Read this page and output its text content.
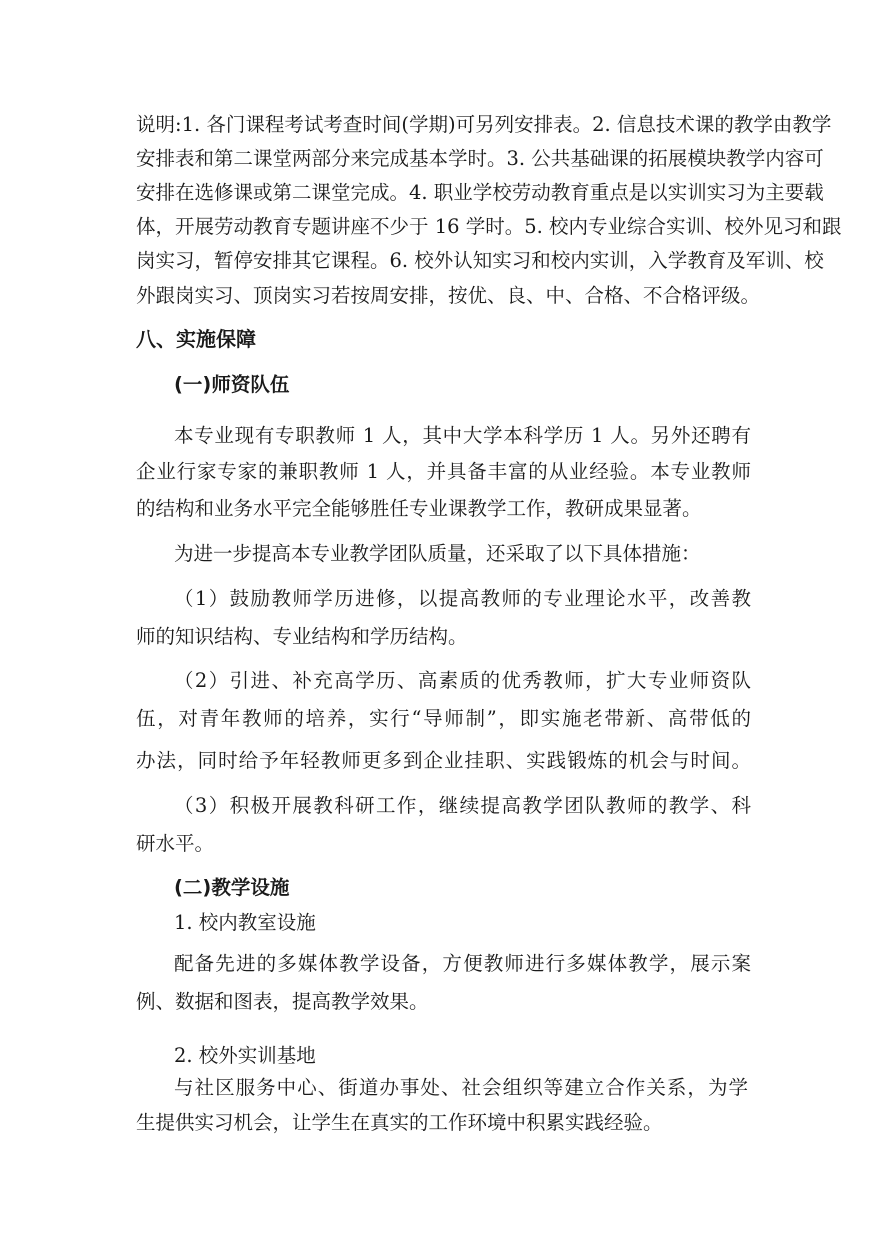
说明:1. 各门课程考试考查时间(学期)可另列安排表。2. 信息技术课的教学由教学
安排表和第二课堂两部分来完成基本学时。3. 公共基础课的拓展模块教学内容可
安排在选修课或第二课堂完成。4. 职业学校劳动教育重点是以实训实习为主要载
体，开展劳动教育专题讲座不少于 16 学时。5. 校内专业综合实训、校外见习和跟
岗实习，暂停安排其它课程。6. 校外认知实习和校内实训，入学教育及军训、校
外跟岗实习、顶岗实习若按周安排，按优、良、中、合格、不合格评级。
八、实施保障
(一)师资队伍
本专业现有专职教师 1 人，其中大学本科学历 1 人。另外还聘有
企业行家专家的兼职教师 1 人，并具备丰富的从业经验。本专业教师
的结构和业务水平完全能够胜任专业课教学工作，教研成果显著。
为进一步提高本专业教学团队质量，还采取了以下具体措施：
（1）鼓励教师学历进修，以提高教师的专业理论水平，改善教
师的知识结构、专业结构和学历结构。
（2）引进、补充高学历、高素质的优秀教师，扩大专业师资队
伍，对青年教师的培养，实行“导师制”，即实施老带新、高带低的
办法，同时给予年轻教师更多到企业挂职、实践锻炼的机会与时间。
（3）积极开展教科研工作，继续提高教学团队教师的教学、科
研水平。
(二)教学设施
1. 校内教室设施
配备先进的多媒体教学设备，方便教师进行多媒体教学，展示案
例、数据和图表，提高教学效果。
2. 校外实训基地
与社区服务中心、街道办事处、社会组织等建立合作关系，为学
生提供实习机会，让学生在真实的工作环境中积累实践经验。
